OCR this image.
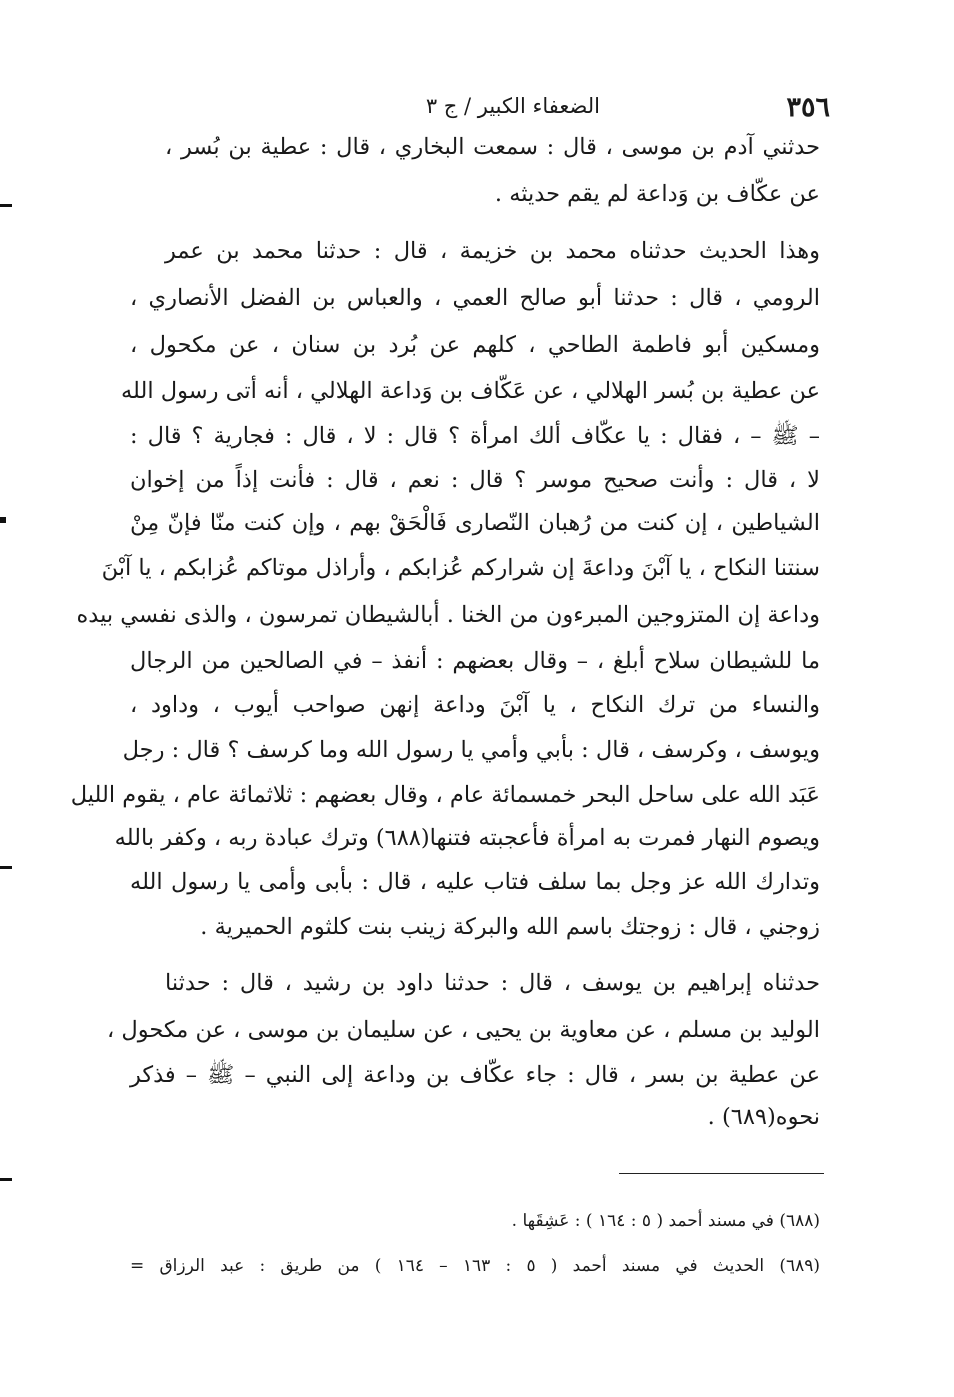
٣٥٦
الضعفاء الكبير / ج ٣
حدثني آدم بن موسى ، قال : سمعت البخاري ، قال : عطية بن بُسر ،
عن عكّاف بن وَداعة لم يقم حديثه .
وهذا الحديث حدثناه محمد بن خزيمة ، قال : حدثنا محمد بن عمر
الرومي ، قال : حدثنا أبو صالح العمي ، والعباس بن الفضل الأنصاري ،
ومسكين أبو فاطمة الطاحي ، كلهم عن بُرد بن سنان ، عن مكحول ،
عن عطية بن بُسر الهلالي ، عن عَكّاف بن وَداعة الهلالي ، أنه أتى رسول الله
– ﷺ – ، فقال : يا عكّاف ألك امرأة ؟ قال : لا ، قال : فجارية ؟ قال :
لا ، قال : وأنت صحيح موسر ؟ قال : نعم ، قال : فأنت إذاً من إخوان
الشياطين ، إن كنت من رُهبان النّصارى فَالْحَقْ بهم ، وإن كنت منّا فإنّ مِنْ
سنتنا النكاح ، يا آبْنَ وداعةَ إن شراركم عُزابكم ، وأراذل موتاكم عُزابكم ، يا آبْنَ
وداعة إن المتزوجين المبرءون من الخنا . أبالشيطان تمرسون ، والذى نفسي بيده
ما للشيطان سلاح أبلغ ، – وقال بعضهم : أنفذ – في الصالحين من الرجال
والنساء من ترك النكاح ، يا آبْنَ وداعة إنهن صواحب أيوب ، وداود ،
ويوسف ، وكرسف ، قال : بأبي وأمي يا رسول الله وما كرسف ؟ قال : رجل
عَبَد الله على ساحل البحر خمسمائة عام ، وقال بعضهم : ثلاثمائة عام ، يقوم الليل
ويصوم النهار فمرت به امرأة فأعجبته فتنها(٦٨٨) وترك عبادة ربه ، وكفر بالله
وتدارك الله عز وجل بما سلف فتاب عليه ، قال : بأبى وأمى يا رسول الله
زوجني ، قال : زوجتك باسم الله والبركة زينب بنت كلثوم الحميرية .
حدثناه إبراهيم بن يوسف ، قال : حدثنا داود بن رشيد ، قال : حدثنا
الوليد بن مسلم ، عن معاوية بن يحيى ، عن سليمان بن موسى ، عن مكحول ،
عن عطية بن بسر ، قال : جاء عكّاف بن وداعة إلى النبي – ﷺ – فذكر
نحوه(٦٨٩) .
(٦٨٨) في مسند أحمد ( ٥ : ١٦٤ ) : عَشِقَها .
(٦٨٩) الحديث في مسند أحمد ( ٥ : ١٦٣ – ١٦٤ ) من طريق : عبد الرزاق =
